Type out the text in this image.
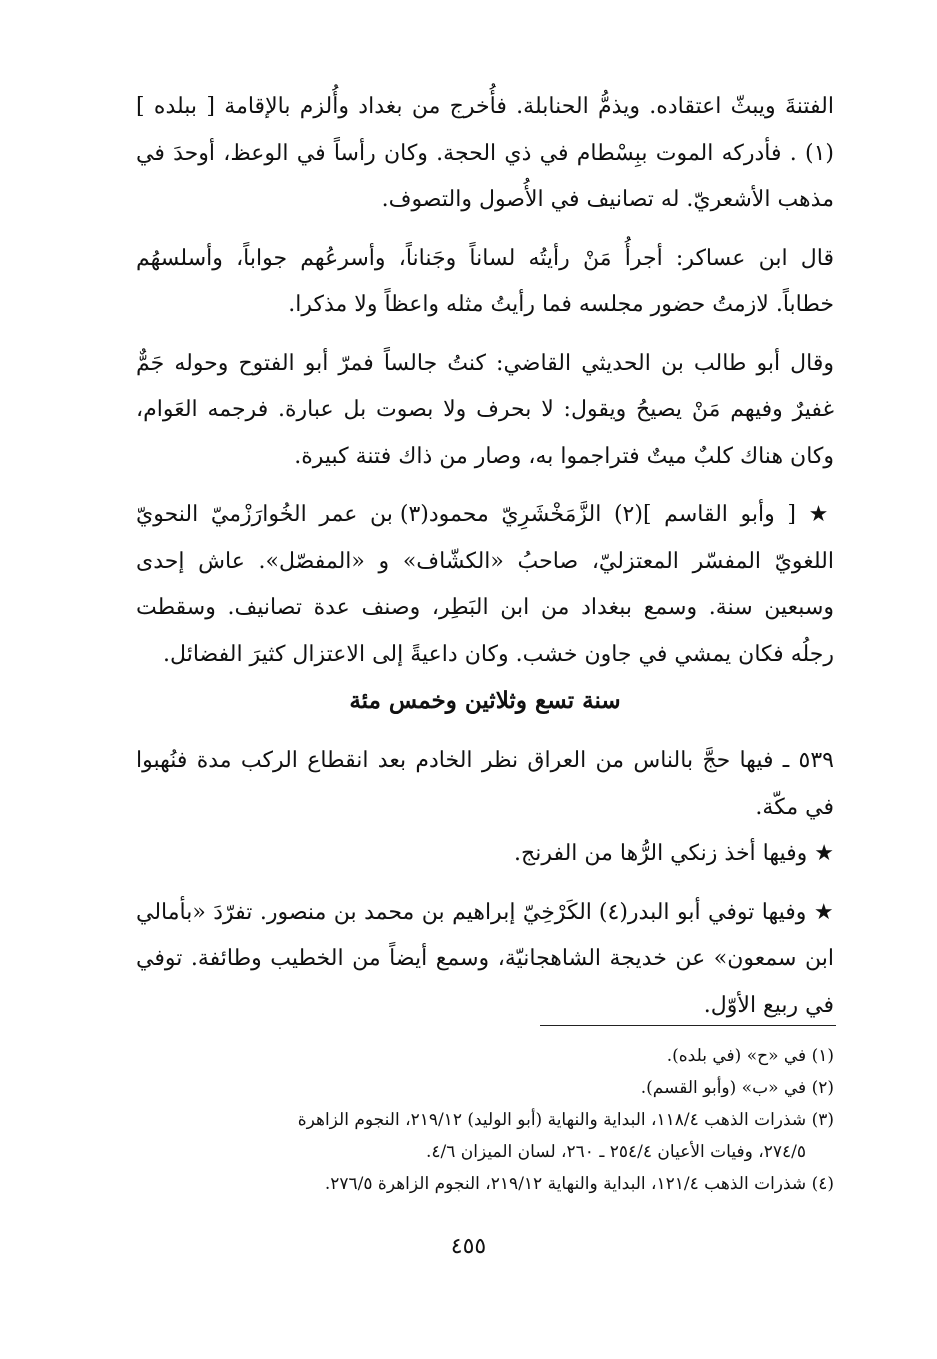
الفتنةَ ويبثّ اعتقاده. ويذمُّ الحنابلة. فأُخرج من بغداد وأُلزم بالإقامة [ ببلده ](١) . فأدركه الموت ببِسْطام في ذي الحجة. وكان رأساً في الوعظ، أوحدَ في مذهب الأشعريّ. له تصانيف في الأُصول والتصوف.

قال ابن عساكر: أجرأُ مَنْ رأيتُه لساناً وجَناناً، وأسرعُهم جواباً، وأسلسهُم خطاباً. لازمتُ حضور مجلسه فما رأيتُ مثله واعظاً ولا مذكرا.

وقال أبو طالب بن الحديثي القاضي: كنتُ جالساً فمرّ أبو الفتوح وحوله جَمٌّ غفيرٌ وفيهم مَنْ يصيحُ ويقول: لا بحرف ولا بصوت بل عبارة. فرجمه العَوام، وكان هناك كلبٌ ميتٌ فتراجموا به، وصار من ذاك فتنة كبيرة.

★ [ وأبو القاسم ](٢) الزَّمَخْشَرِيّ محمود(٣) بن عمر الخُوارَزْميّ النحويّ اللغويّ المفسّر المعتزليّ، صاحبُ «الكشّاف» و «المفصّل». عاش إحدى وسبعين سنة. وسمع ببغداد من ابن البَطِر، وصنف عدة تصانيف. وسقطت رجلُه فكان يمشي في جاون خشب. وكان داعيةً إلى الاعتزال كثيرَ الفضائل.

سنة تسع وثلاثين وخمس مئة

٥٣٩ ـ فيها حجَّ بالناس من العراق نظر الخادم بعد انقطاع الركب مدة فنُهبوا في مكّة.

★ وفيها أخذ زنكي الرُّها من الفرنج.

★ وفيها توفي أبو البدر(٤) الكَرْخِيّ إبراهيم بن محمد بن منصور. تفرّدَ «بأمالي ابن سمعون» عن خديجة الشاهجانيّة، وسمع أيضاً من الخطيب وطائفة. توفي في ربيع الأوّل.

(١) في «ح» (في بلده).

(٢) في «ب» (وأبو القسم).

(٣) شذرات الذهب ١١٨/٤، البداية والنهاية (أبو الوليد) ٢١٩/١٢، النجوم الزاهرة

٢٧٤/٥، وفيات الأعيان ٢٥٤/٤ ـ ٢٦٠، لسان الميزان ٤/٦.

(٤) شذرات الذهب ١٢١/٤، البداية والنهاية ٢١٩/١٢، النجوم الزاهرة ٢٧٦/٥.

٤٥٥
